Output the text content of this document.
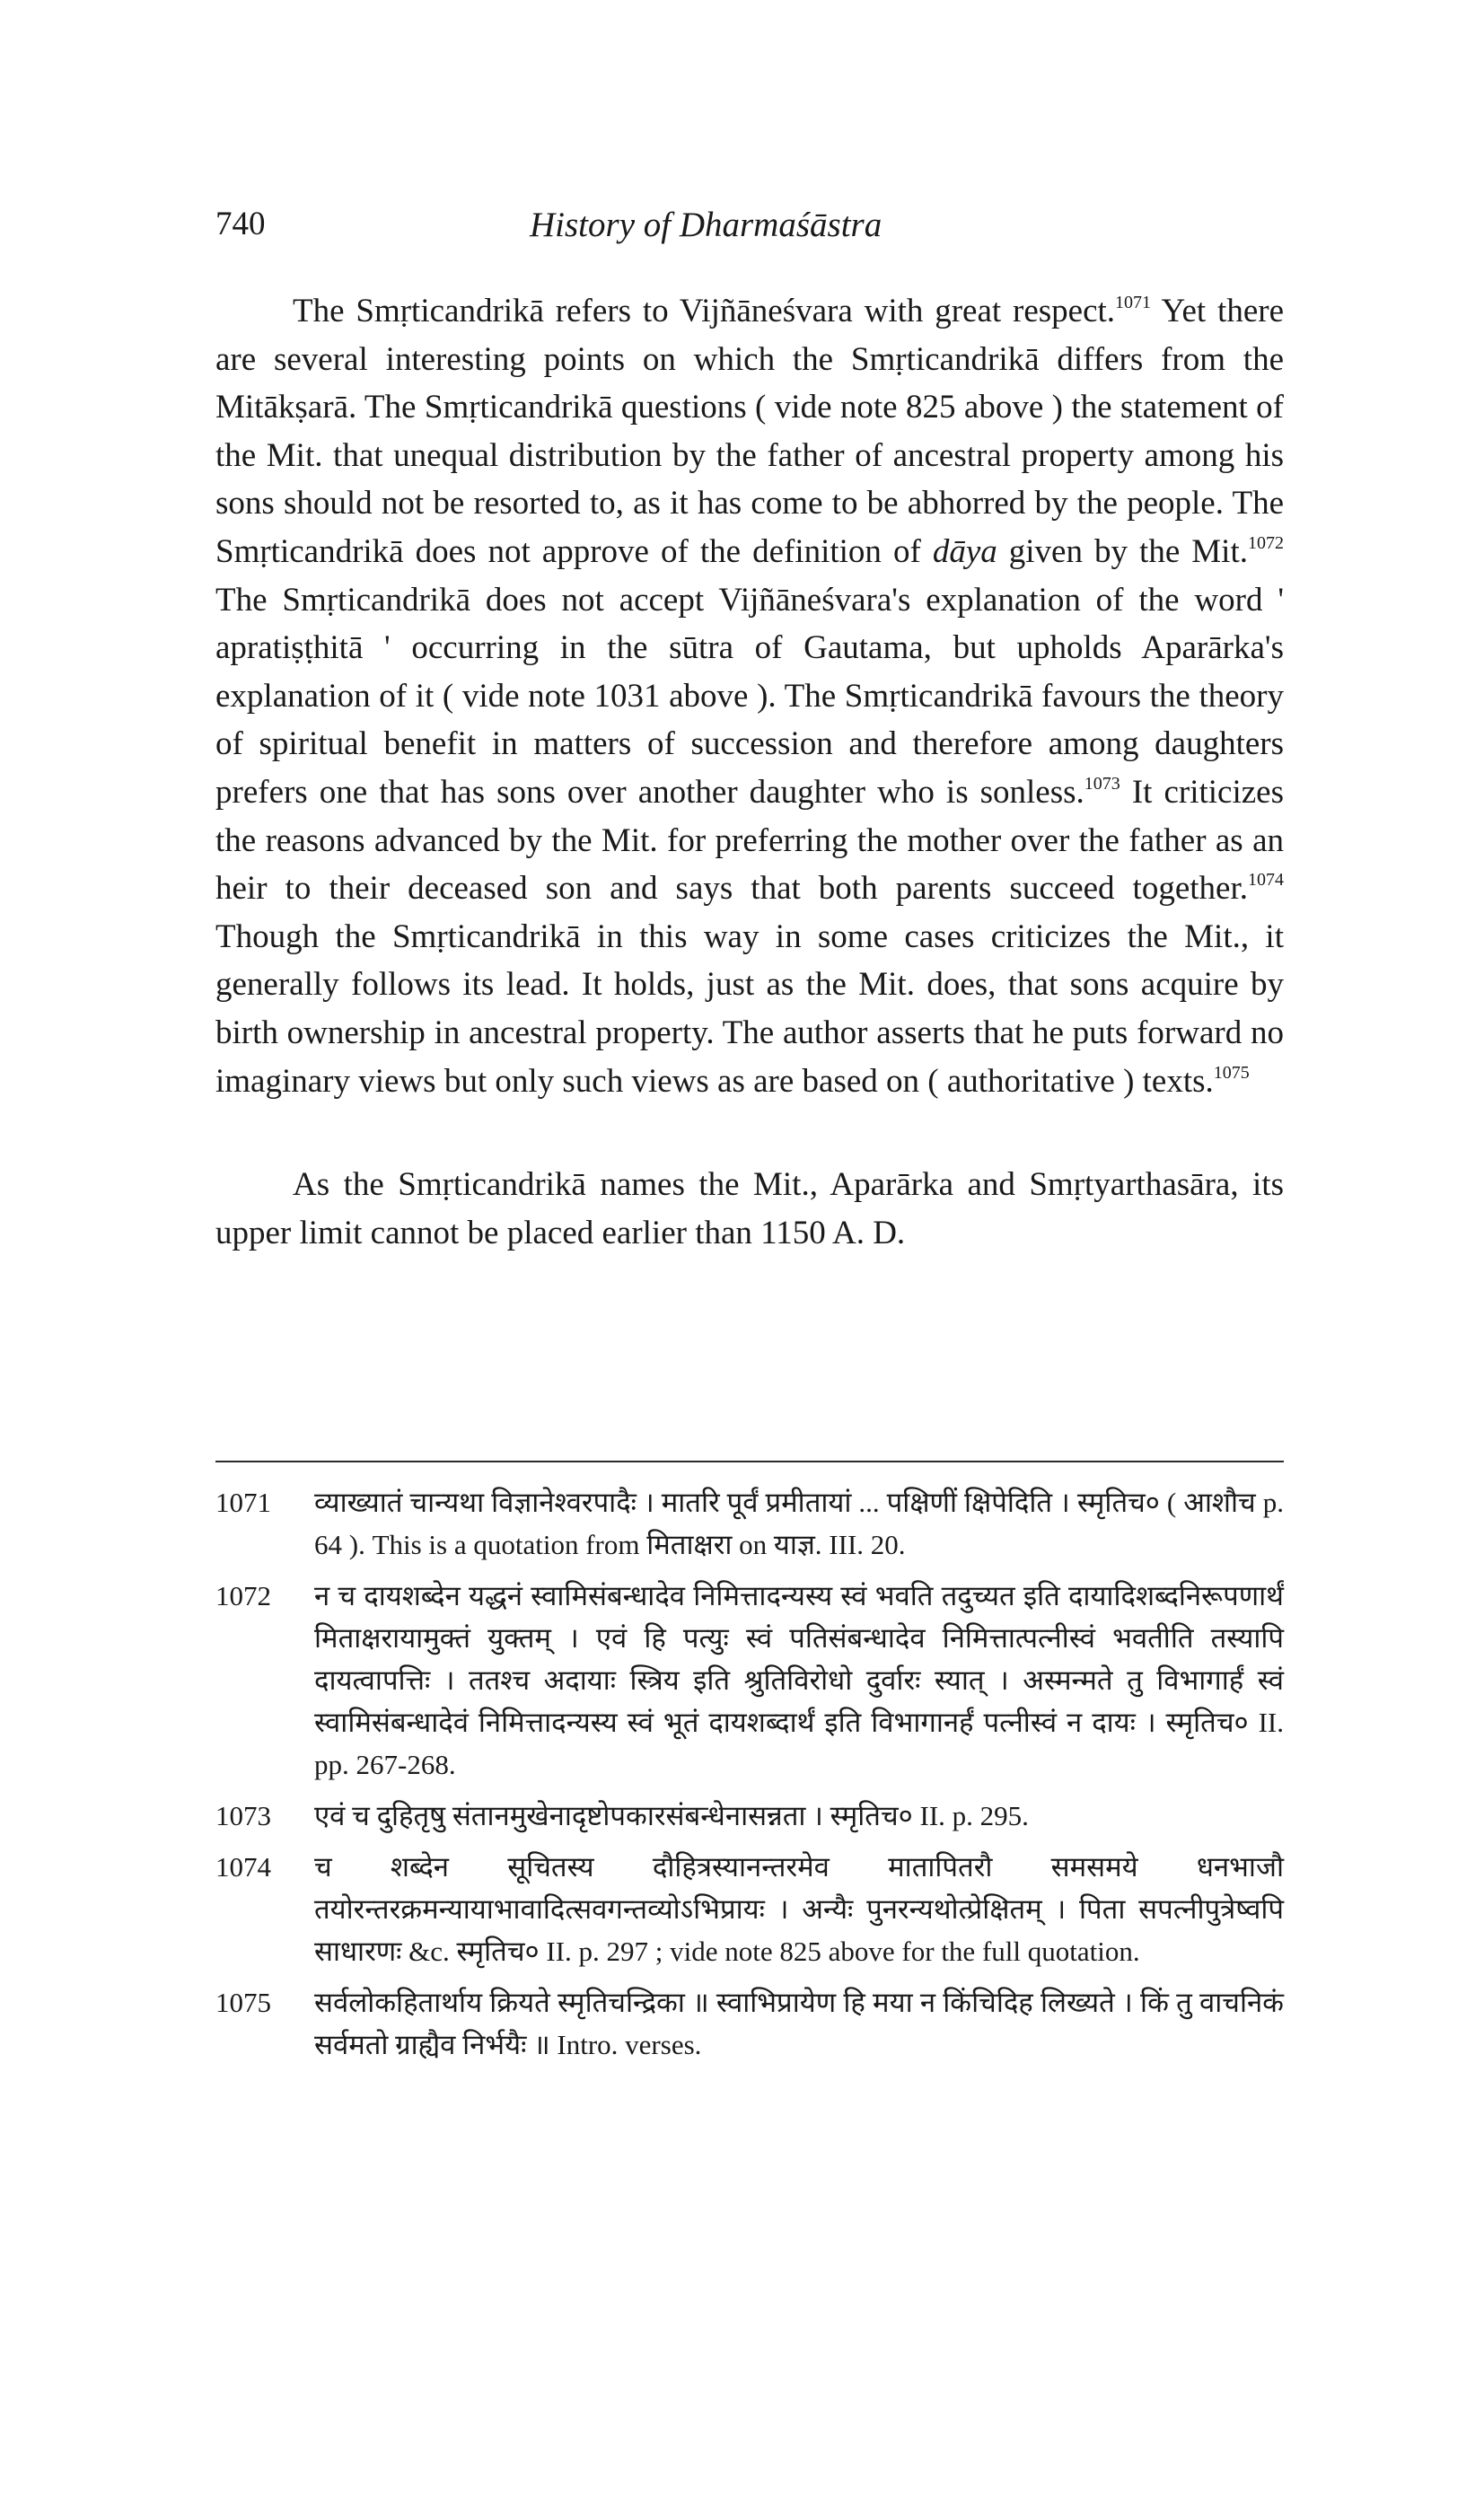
740	History of Dharmaśāstra

The Smṛticandrikā refers to Vijñāneśvara with great respect.$^{1071}$ Yet there are several interesting points on which the Smṛticandrikā differs from the Mitākṣarā. The Smṛticandrikā questions ( vide note 825 above ) the statement of the Mit. that unequal distribution by the father of ancestral property among his sons should not be resorted to, as it has come to be abhorred by the people. The Smṛticandrikā does not approve of the definition of dāya given by the Mit.$^{1072}$ The Smṛticandrikā does not accept Vijñāneśvara's explanation of the word ' apratiṣṭhitā ' occurring in the sūtra of Gautama, but upholds Aparārka's explanation of it ( vide note 1031 above ). The Smṛticandrikā favours the theory of spiritual benefit in matters of succession and therefore among daughters prefers one that has sons over another daughter who is sonless.$^{1073}$ It criticizes the reasons advanced by the Mit. for preferring the mother over the father as an heir to their deceased son and says that both parents succeed together.$^{1074}$ Though the Smṛticandrikā in this way in some cases criticizes the Mit., it generally follows its lead. It holds, just as the Mit. does, that sons acquire by birth ownership in ancestral property. The author asserts that he puts forward no imaginary views but only such views as are based on ( authoritative ) texts.$^{1075}$

As the Smṛticandrikā names the Mit., Aparārka and Smṛtyarthasāra, its upper limit cannot be placed earlier than 1150 A. D.

1071	व्याख्यातं चान्यथा विज्ञानेश्वरपादैः । मातरि पूर्वं प्रमीतायां ... पक्षिणीं क्षिपेदिति । स्मृतिच० ( आशौच p. 64 ). This is a quotation from मिताक्षरा on याज्ञ. III. 20.
1072	न च दायशब्देन यद्धनं स्वामिसंबन्धादेव निमित्तादन्यस्य स्वं भवति तदुच्यत इति दायादिशब्दनिरूपणार्थं मिताक्षरायामुक्तं युक्तम् । एवं हि पत्युः स्वं पतिसंबन्धादेव निमित्तात्पत्नीस्वं भवतीति तस्यापि दायत्वापत्तिः । ततश्च अदायाः स्त्रिय इति श्रुतिविरोधो दुर्वारः स्यात् । अस्मन्मते तु विभागार्हं स्वं स्वामिसंबन्धादेवं निमित्तादन्यस्य स्वं भूतं दायशब्दार्थं इति विभागानर्हं पत्नीस्वं न दायः । स्मृतिच० II. pp. 267-268.
1073	एवं च दुहितृषु संतानमुखेनादृष्टोपकारसंबन्धेनासन्नता । स्मृतिच० II. p. 295.
1074	च शब्देन सूचितस्य दौहित्रस्यानन्तरमेव मातापितरौ समसमये धनभाजौ तयोरन्तरक्रमन्यायाभावादित्सवगन्तव्योऽभिप्रायः । अन्यैः पुनरन्यथोत्प्रेक्षितम् । पिता सपत्नीपुत्रेष्वपि साधारणः &c. स्मृतिच० II. p. 297 ; vide note 825 above for the full quotation.
1075	सर्वलोकहितार्थाय क्रियते स्मृतिचन्द्रिका ॥ स्वाभिप्रायेण हि मया न किंचिदिह लिख्यते । किं तु वाचनिकं सर्वमतो ग्राह्यैव निर्भयैः ॥ Intro. verses.
